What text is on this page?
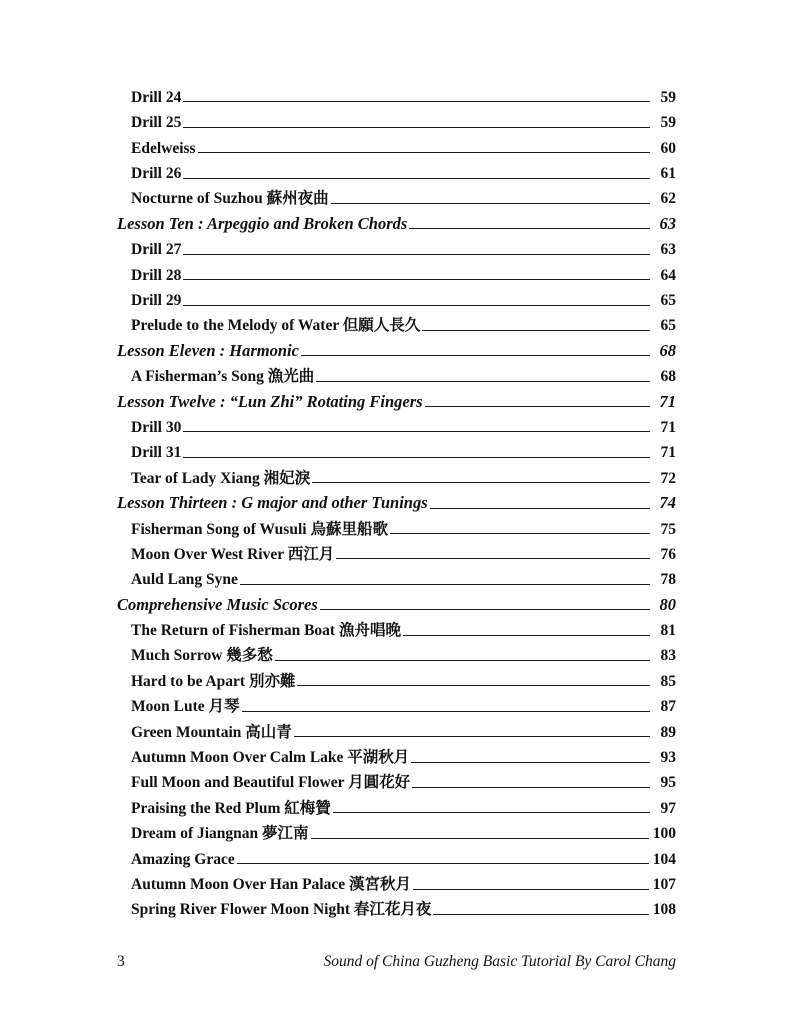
Drill 24	59
Drill 25	59
Edelweiss	60
Drill 26	61
Nocturne of Suzhou 蘇州夜曲	62
Lesson Ten : Arpeggio and Broken Chords	63
Drill 27	63
Drill 28	64
Drill 29	65
Prelude to the Melody of Water 但願人長久	65
Lesson Eleven : Harmonic	68
A Fisherman’s Song 漁光曲	68
Lesson Twelve : “Lun Zhi” Rotating Fingers	71
Drill 30	71
Drill 31	71
Tear of Lady Xiang 湘妃淚	72
Lesson Thirteen : G major and other Tunings	74
Fisherman Song of Wusuli 烏蘇里船歌	75
Moon Over West River 西江月	76
Auld Lang Syne	78
Comprehensive Music Scores	80
The Return of Fisherman Boat 漁舟唱晚	81
Much Sorrow 幾多愁	83
Hard to be Apart 別亦難	85
Moon Lute 月琴	87
Green Mountain 高山青	89
Autumn Moon Over Calm Lake 平湖秋月	93
Full Moon and Beautiful Flower 月圓花好	95
Praising the Red Plum 紅梅贊	97
Dream of Jiangnan 夢江南	100
Amazing Grace	104
Autumn Moon Over Han Palace 漢宮秋月	107
Spring River Flower Moon Night 春江花月夜	108
3	Sound of China Guzheng Basic Tutorial By Carol Chang
